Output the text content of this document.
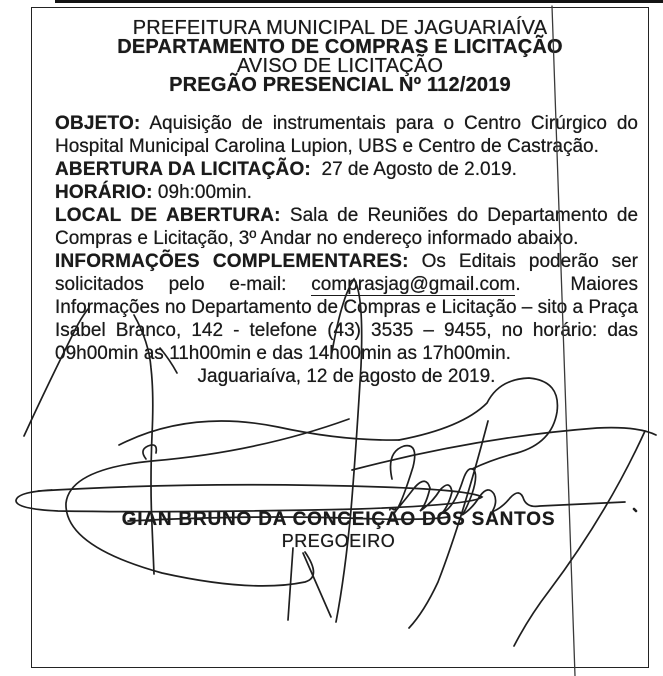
PREFEITURA MUNICIPAL DE JAGUARIAÍVA
DEPARTAMENTO DE COMPRAS E LICITAÇÃO
AVISO DE LICITAÇÃO
PREGÃO PRESENCIAL Nº 112/2019

OBJETO: Aquisição de instrumentais para o Centro Cirúrgico do Hospital Municipal Carolina Lupion, UBS e Centro de Castração.

ABERTURA DA LICITAÇÃO:  27 de Agosto de 2.019.

HORÁRIO: 09h:00min.

LOCAL DE ABERTURA: Sala de Reuniões do Departamento de Compras e Licitação, 3º Andar no endereço informado abaixo.

INFORMAÇÕES COMPLEMENTARES: Os Editais poderão ser solicitados pelo e-mail: comprasjag@gmail.com.  Maiores Informações no Departamento de Compras e Licitação – sito a Praça Isabel Branco, 142 - telefone (43) 3535 – 9455, no horário: das 09h00min as 11h00min e das 14h00min as 17h00min.

Jaguariaíva, 12 de agosto de 2019.

GIAN BRUNO DA CONCEIÇÃO DOS SANTOS
PREGOEIRO
